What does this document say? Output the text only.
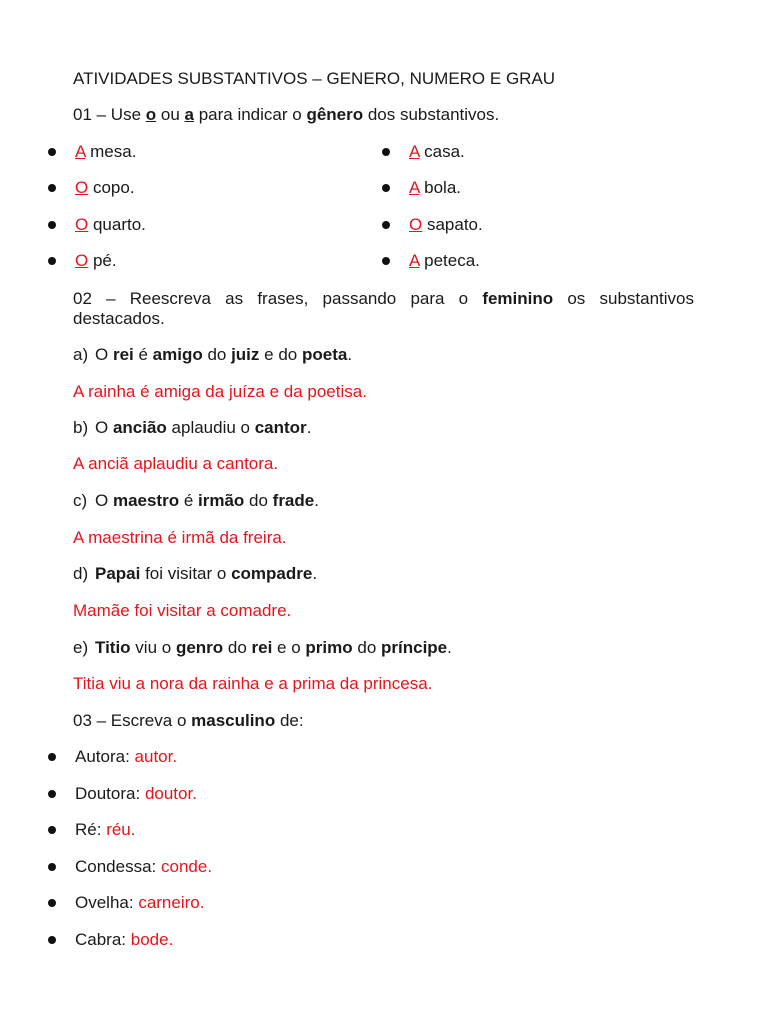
ATIVIDADES SUBSTANTIVOS – GENERO, NUMERO E GRAU
01 – Use o ou a para indicar o gênero dos substantivos.
A mesa.
O copo.
O quarto.
O pé.
A casa.
A bola.
O sapato.
A peteca.
02 – Reescreva as frases, passando para o feminino os substantivos destacados.
a) O rei é amigo do juiz e do poeta.
A rainha é amiga da juíza e da poetisa.
b) O ancião aplaudiu o cantor.
A anciã aplaudiu a cantora.
c) O maestro é irmão do frade.
A maestrina é irmã da freira.
d) Papai foi visitar o compadre.
Mamãe foi visitar a comadre.
e) Titio viu o genro do rei e o primo do príncipe.
Titia viu a nora da rainha e a prima da princesa.
03 – Escreva o masculino de:
Autora: autor.
Doutora: doutor.
Ré: réu.
Condessa: conde.
Ovelha: carneiro.
Cabra: bode.
